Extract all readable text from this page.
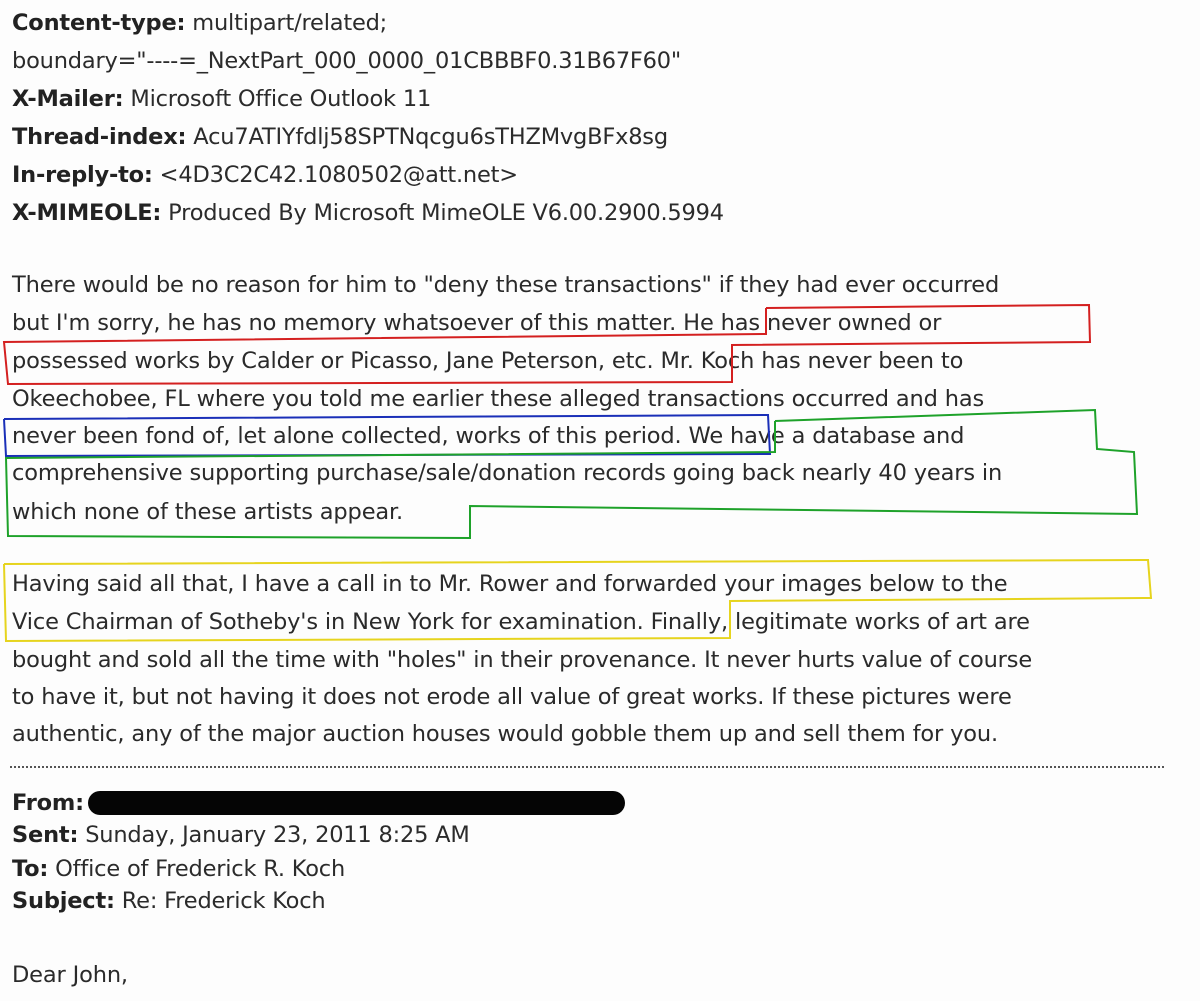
Content-type: multipart/related;
boundary="----=_NextPart_000_0000_01CBBBF0.31B67F60"
X-Mailer: Microsoft Office Outlook 11
Thread-index: Acu7ATIYfdlj58SPTNqcgu6sTHZMvgBFx8sg
In-reply-to: <4D3C2C42.1080502@att.net>
X-MIMEOLE: Produced By Microsoft MimeOLE V6.00.2900.5994
There would be no reason for him to "deny these transactions" if they had ever occurred
but I'm sorry, he has no memory whatsoever of this matter. He has never owned or
possessed works by Calder or Picasso, Jane Peterson, etc. Mr. Koch has never been to
Okeechobee, FL where you told me earlier these alleged transactions occurred and has
never been fond of, let alone collected, works of this period. We have a database and
comprehensive supporting purchase/sale/donation records going back nearly 40 years in
which none of these artists appear.
Having said all that, I have a call in to Mr. Rower and forwarded your images below to the
Vice Chairman of Sotheby's in New York for examination. Finally, legitimate works of art are
bought and sold all the time with "holes" in their provenance. It never hurts value of course
to have it, but not having it does not erode all value of great works. If these pictures were
authentic, any of the major auction houses would gobble them up and sell them for you.
From:
Sent: Sunday, January 23, 2011 8:25 AM
To: Office of Frederick R. Koch
Subject: Re: Frederick Koch
Dear John,
